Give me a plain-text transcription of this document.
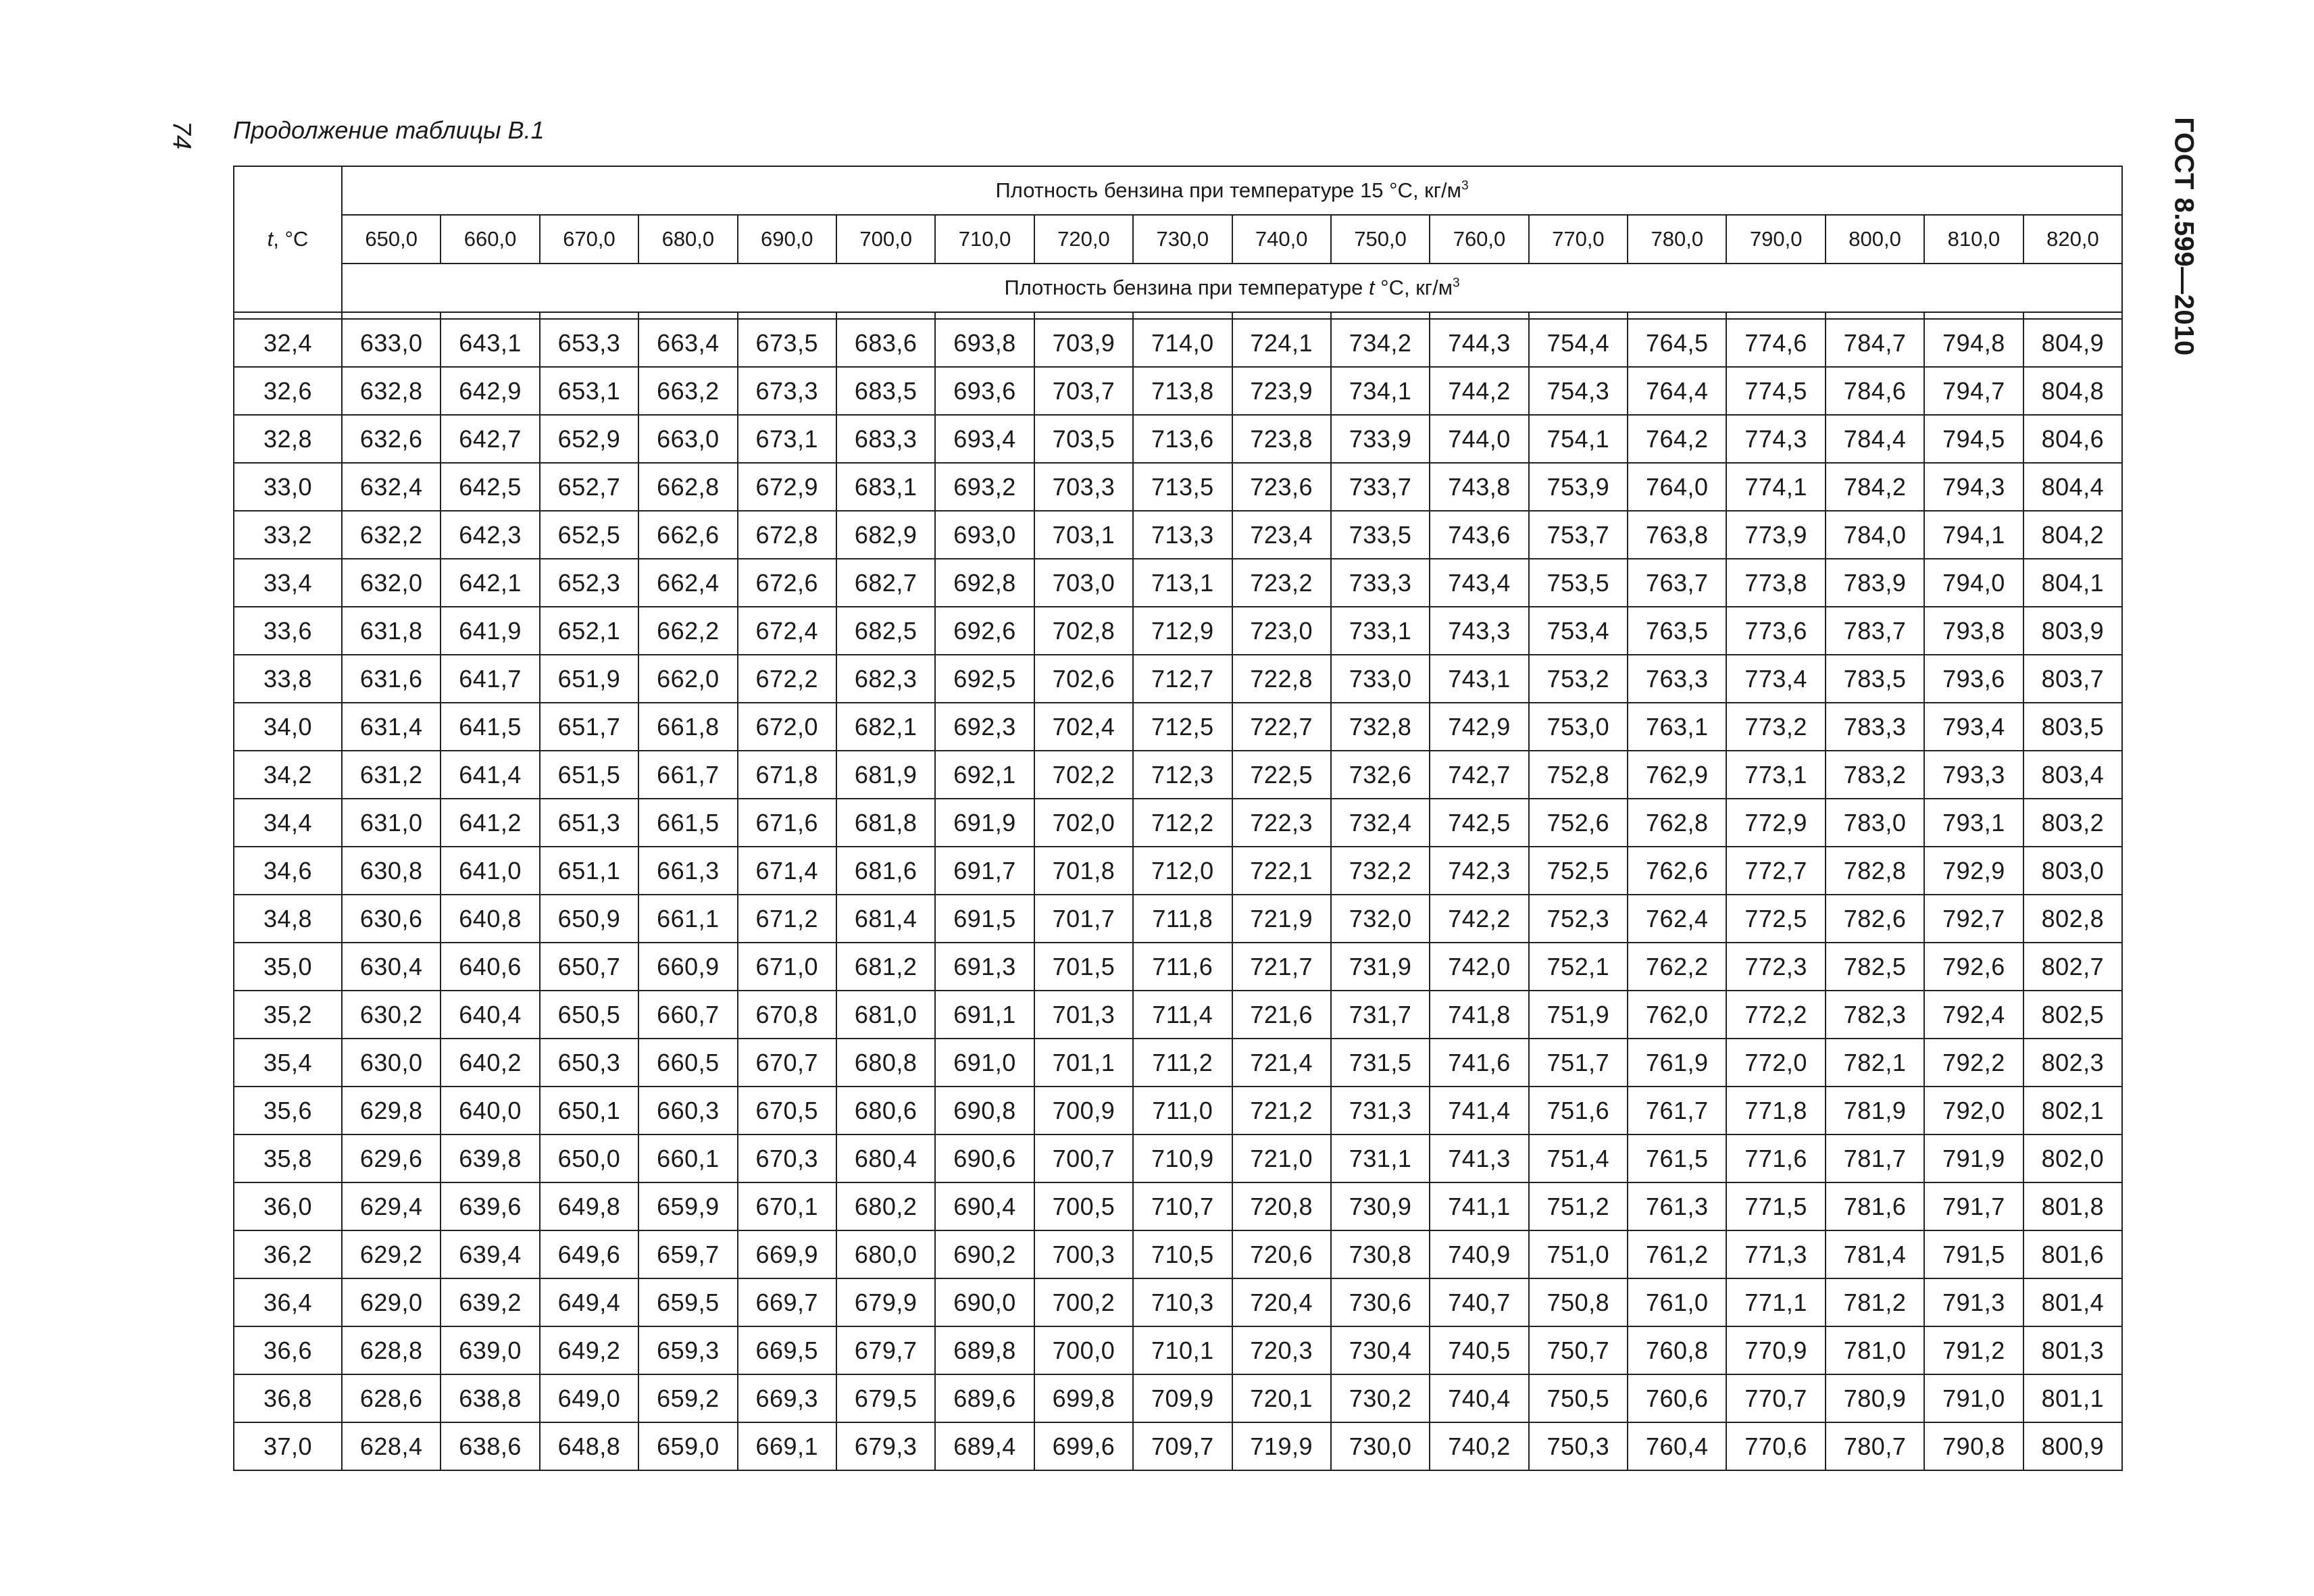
74 Продолжение таблицы В.1	ГОСТ 8.599—2010
t, °C	Плотность бензина при температуре 15 °C, $кг/м^3$
	650,0	660,0	670,0	680,0	690,0	700,0	710,0	720,0	730,0	740,0	750,0	760,0	770,0	780,0	790,0	800,0	810,0	820,0
	Плотность бензина при температуре t °C, $кг/м^3$

32,4	633,0	643,1	653,3	663,4	673,5	683,6	693,8	703,9	714,0	724,1	734,2	744,3	754,4	764,5	774,6	784,7	794,8	804,9
32,6	632,8	642,9	653,1	663,2	673,3	683,5	693,6	703,7	713,8	723,9	734,1	744,2	754,3	764,4	774,5	784,6	794,7	804,8
32,8	632,6	642,7	652,9	663,0	673,1	683,3	693,4	703,5	713,6	723,8	733,9	744,0	754,1	764,2	774,3	784,4	794,5	804,6
33,0	632,4	642,5	652,7	662,8	672,9	683,1	693,2	703,3	713,5	723,6	733,7	743,8	753,9	764,0	774,1	784,2	794,3	804,4
33,2	632,2	642,3	652,5	662,6	672,8	682,9	693,0	703,1	713,3	723,4	733,5	743,6	753,7	763,8	773,9	784,0	794,1	804,2
33,4	632,0	642,1	652,3	662,4	672,6	682,7	692,8	703,0	713,1	723,2	733,3	743,4	753,5	763,7	773,8	783,9	794,0	804,1
33,6	631,8	641,9	652,1	662,2	672,4	682,5	692,6	702,8	712,9	723,0	733,1	743,3	753,4	763,5	773,6	783,7	793,8	803,9
33,8	631,6	641,7	651,9	662,0	672,2	682,3	692,5	702,6	712,7	722,8	733,0	743,1	753,2	763,3	773,4	783,5	793,6	803,7
34,0	631,4	641,5	651,7	661,8	672,0	682,1	692,3	702,4	712,5	722,7	732,8	742,9	753,0	763,1	773,2	783,3	793,4	803,5
34,2	631,2	641,4	651,5	661,7	671,8	681,9	692,1	702,2	712,3	722,5	732,6	742,7	752,8	762,9	773,1	783,2	793,3	803,4
34,4	631,0	641,2	651,3	661,5	671,6	681,8	691,9	702,0	712,2	722,3	732,4	742,5	752,6	762,8	772,9	783,0	793,1	803,2
34,6	630,8	641,0	651,1	661,3	671,4	681,6	691,7	701,8	712,0	722,1	732,2	742,3	752,5	762,6	772,7	782,8	792,9	803,0
34,8	630,6	640,8	650,9	661,1	671,2	681,4	691,5	701,7	711,8	721,9	732,0	742,2	752,3	762,4	772,5	782,6	792,7	802,8
35,0	630,4	640,6	650,7	660,9	671,0	681,2	691,3	701,5	711,6	721,7	731,9	742,0	752,1	762,2	772,3	782,5	792,6	802,7
35,2	630,2	640,4	650,5	660,7	670,8	681,0	691,1	701,3	711,4	721,6	731,7	741,8	751,9	762,0	772,2	782,3	792,4	802,5
35,4	630,0	640,2	650,3	660,5	670,7	680,8	691,0	701,1	711,2	721,4	731,5	741,6	751,7	761,9	772,0	782,1	792,2	802,3
35,6	629,8	640,0	650,1	660,3	670,5	680,6	690,8	700,9	711,0	721,2	731,3	741,4	751,6	761,7	771,8	781,9	792,0	802,1
35,8	629,6	639,8	650,0	660,1	670,3	680,4	690,6	700,7	710,9	721,0	731,1	741,3	751,4	761,5	771,6	781,7	791,9	802,0
36,0	629,4	639,6	649,8	659,9	670,1	680,2	690,4	700,5	710,7	720,8	730,9	741,1	751,2	761,3	771,5	781,6	791,7	801,8
36,2	629,2	639,4	649,6	659,7	669,9	680,0	690,2	700,3	710,5	720,6	730,8	740,9	751,0	761,2	771,3	781,4	791,5	801,6
36,4	629,0	639,2	649,4	659,5	669,7	679,9	690,0	700,2	710,3	720,4	730,6	740,7	750,8	761,0	771,1	781,2	791,3	801,4
36,6	628,8	639,0	649,2	659,3	669,5	679,7	689,8	700,0	710,1	720,3	730,4	740,5	750,7	760,8	770,9	781,0	791,2	801,3
36,8	628,6	638,8	649,0	659,2	669,3	679,5	689,6	699,8	709,9	720,1	730,2	740,4	750,5	760,6	770,7	780,9	791,0	801,1
37,0	628,4	638,6	648,8	659,0	669,1	679,3	689,4	699,6	709,7	719,9	730,0	740,2	750,3	760,4	770,6	780,7	790,8	800,9
